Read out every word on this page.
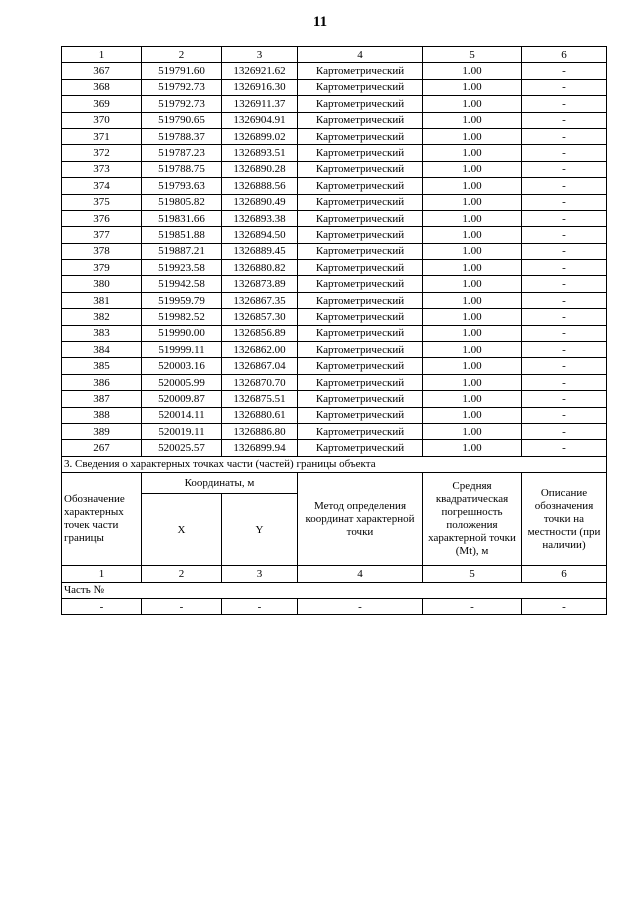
11
1	2	3	4	5	6
367	519791.60	1326921.62	Картометрический	1.00	-
368	519792.73	1326916.30	Картометрический	1.00	-
369	519792.73	1326911.37	Картометрический	1.00	-
370	519790.65	1326904.91	Картометрический	1.00	-
371	519788.37	1326899.02	Картометрический	1.00	-
372	519787.23	1326893.51	Картометрический	1.00	-
373	519788.75	1326890.28	Картометрический	1.00	-
374	519793.63	1326888.56	Картометрический	1.00	-
375	519805.82	1326890.49	Картометрический	1.00	-
376	519831.66	1326893.38	Картометрический	1.00	-
377	519851.88	1326894.50	Картометрический	1.00	-
378	519887.21	1326889.45	Картометрический	1.00	-
379	519923.58	1326880.82	Картометрический	1.00	-
380	519942.58	1326873.89	Картометрический	1.00	-
381	519959.79	1326867.35	Картометрический	1.00	-
382	519982.52	1326857.30	Картометрический	1.00	-
383	519990.00	1326856.89	Картометрический	1.00	-
384	519999.11	1326862.00	Картометрический	1.00	-
385	520003.16	1326867.04	Картометрический	1.00	-
386	520005.99	1326870.70	Картометрический	1.00	-
387	520009.87	1326875.51	Картометрический	1.00	-
388	520014.11	1326880.61	Картометрический	1.00	-
389	520019.11	1326886.80	Картометрический	1.00	-
267	520025.57	1326899.94	Картометрический	1.00	-
3. Сведения о характерных точках части (частей) границы объекта					
Обозначение характерных точек части границы	Координаты, м		Метод определения координат характерной точки	Средняя квадратическая погрешность положения характерной точки (Mt), м	Описание обозначения точки на местности (при наличии)
	X	Y			
1	2	3	4	5	6
Часть №					
-	-	-	-	-	-
